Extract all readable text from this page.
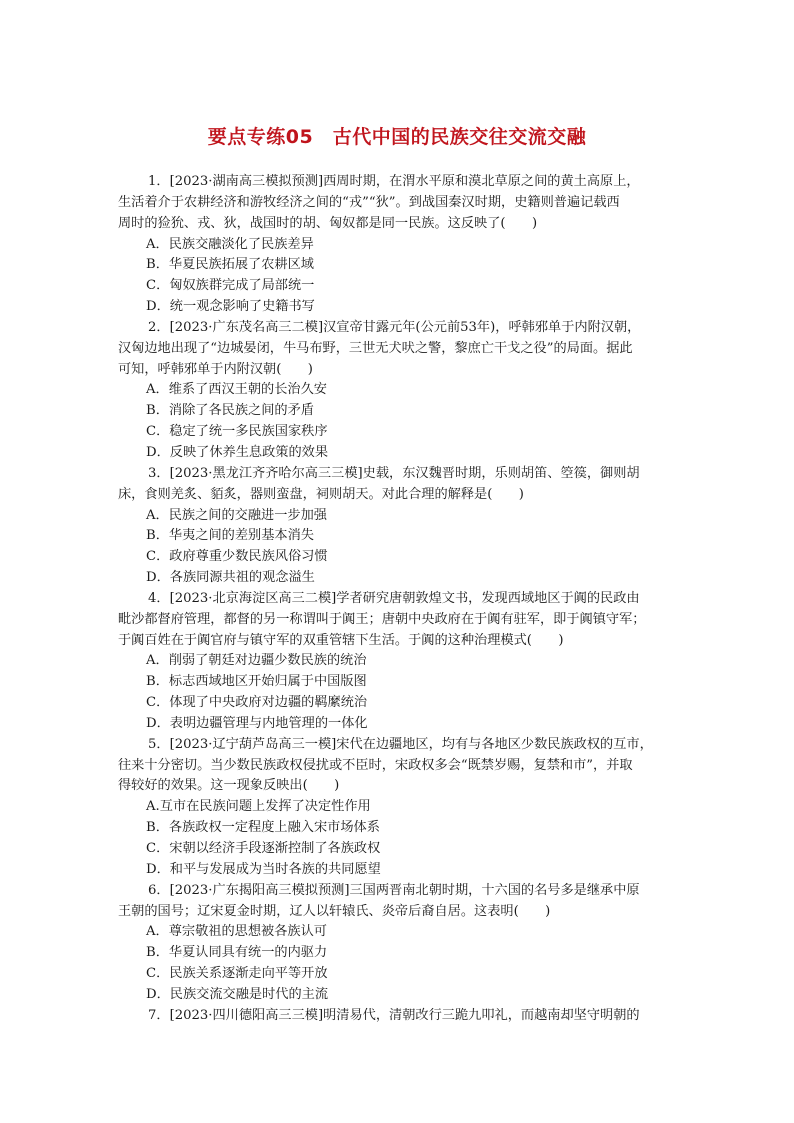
要点专练05　古代中国的民族交往交流交融
1．[2023·湖南高三模拟预测]西周时期，在渭水平原和漠北草原之间的黄土高原上，
生活着介于农耕经济和游牧经济之间的“戎”“狄”。到战国秦汉时期，史籍则普遍记载西
周时的猃狁、戎、狄，战国时的胡、匈奴都是同一民族。这反映了(　　)
A．民族交融淡化了民族差异
B．华夏民族拓展了农耕区域
C．匈奴族群完成了局部统一
D．统一观念影响了史籍书写
2．[2023·广东茂名高三二模]汉宣帝甘露元年(公元前53年)，呼韩邪单于内附汉朝，
汉匈边地出现了“边城晏闭，牛马布野，三世无犬吠之警，黎庶亡干戈之役”的局面。据此
可知，呼韩邪单于内附汉朝(　　)
A．维系了西汉王朝的长治久安
B．消除了各民族之间的矛盾
C．稳定了统一多民族国家秩序
D．反映了休养生息政策的效果
3．[2023·黑龙江齐齐哈尔高三三模]史载，东汉魏晋时期，乐则胡笛、箜篌，御则胡
床，食则羌炙、貊炙，器则蛮盘，祠则胡天。对此合理的解释是(　　)
A．民族之间的交融进一步加强
B．华夷之间的差别基本消失
C．政府尊重少数民族风俗习惯
D．各族同源共祖的观念溢生
4．[2023·北京海淀区高三二模]学者研究唐朝敦煌文书，发现西域地区于阗的民政由
毗沙都督府管理，都督的另一称谓叫于阗王；唐朝中央政府在于阗有驻军，即于阗镇守军；
于阗百姓在于阗官府与镇守军的双重管辖下生活。于阗的这种治理模式(　　)
A．削弱了朝廷对边疆少数民族的统治
B．标志西域地区开始归属于中国版图
C．体现了中央政府对边疆的羁縻统治
D．表明边疆管理与内地管理的一体化
5．[2023·辽宁葫芦岛高三一模]宋代在边疆地区，均有与各地区少数民族政权的互市，
往来十分密切。当少数民族政权侵扰或不臣时，宋政权多会“既禁岁赐，复禁和市”，并取
得较好的效果。这一现象反映出(　　)
A.互市在民族问题上发挥了决定性作用
B．各族政权一定程度上融入宋市场体系
C．宋朝以经济手段逐渐控制了各族政权
D．和平与发展成为当时各族的共同愿望
6．[2023·广东揭阳高三模拟预测]三国两晋南北朝时期，十六国的名号多是继承中原
王朝的国号；辽宋夏金时期，辽人以轩辕氏、炎帝后裔自居。这表明(　　)
A．尊宗敬祖的思想被各族认可
B．华夏认同具有统一的内驱力
C．民族关系逐渐走向平等开放
D．民族交流交融是时代的主流
7．[2023·四川德阳高三三模]明清易代，清朝改行三跪九叩礼，而越南却坚守明朝的
